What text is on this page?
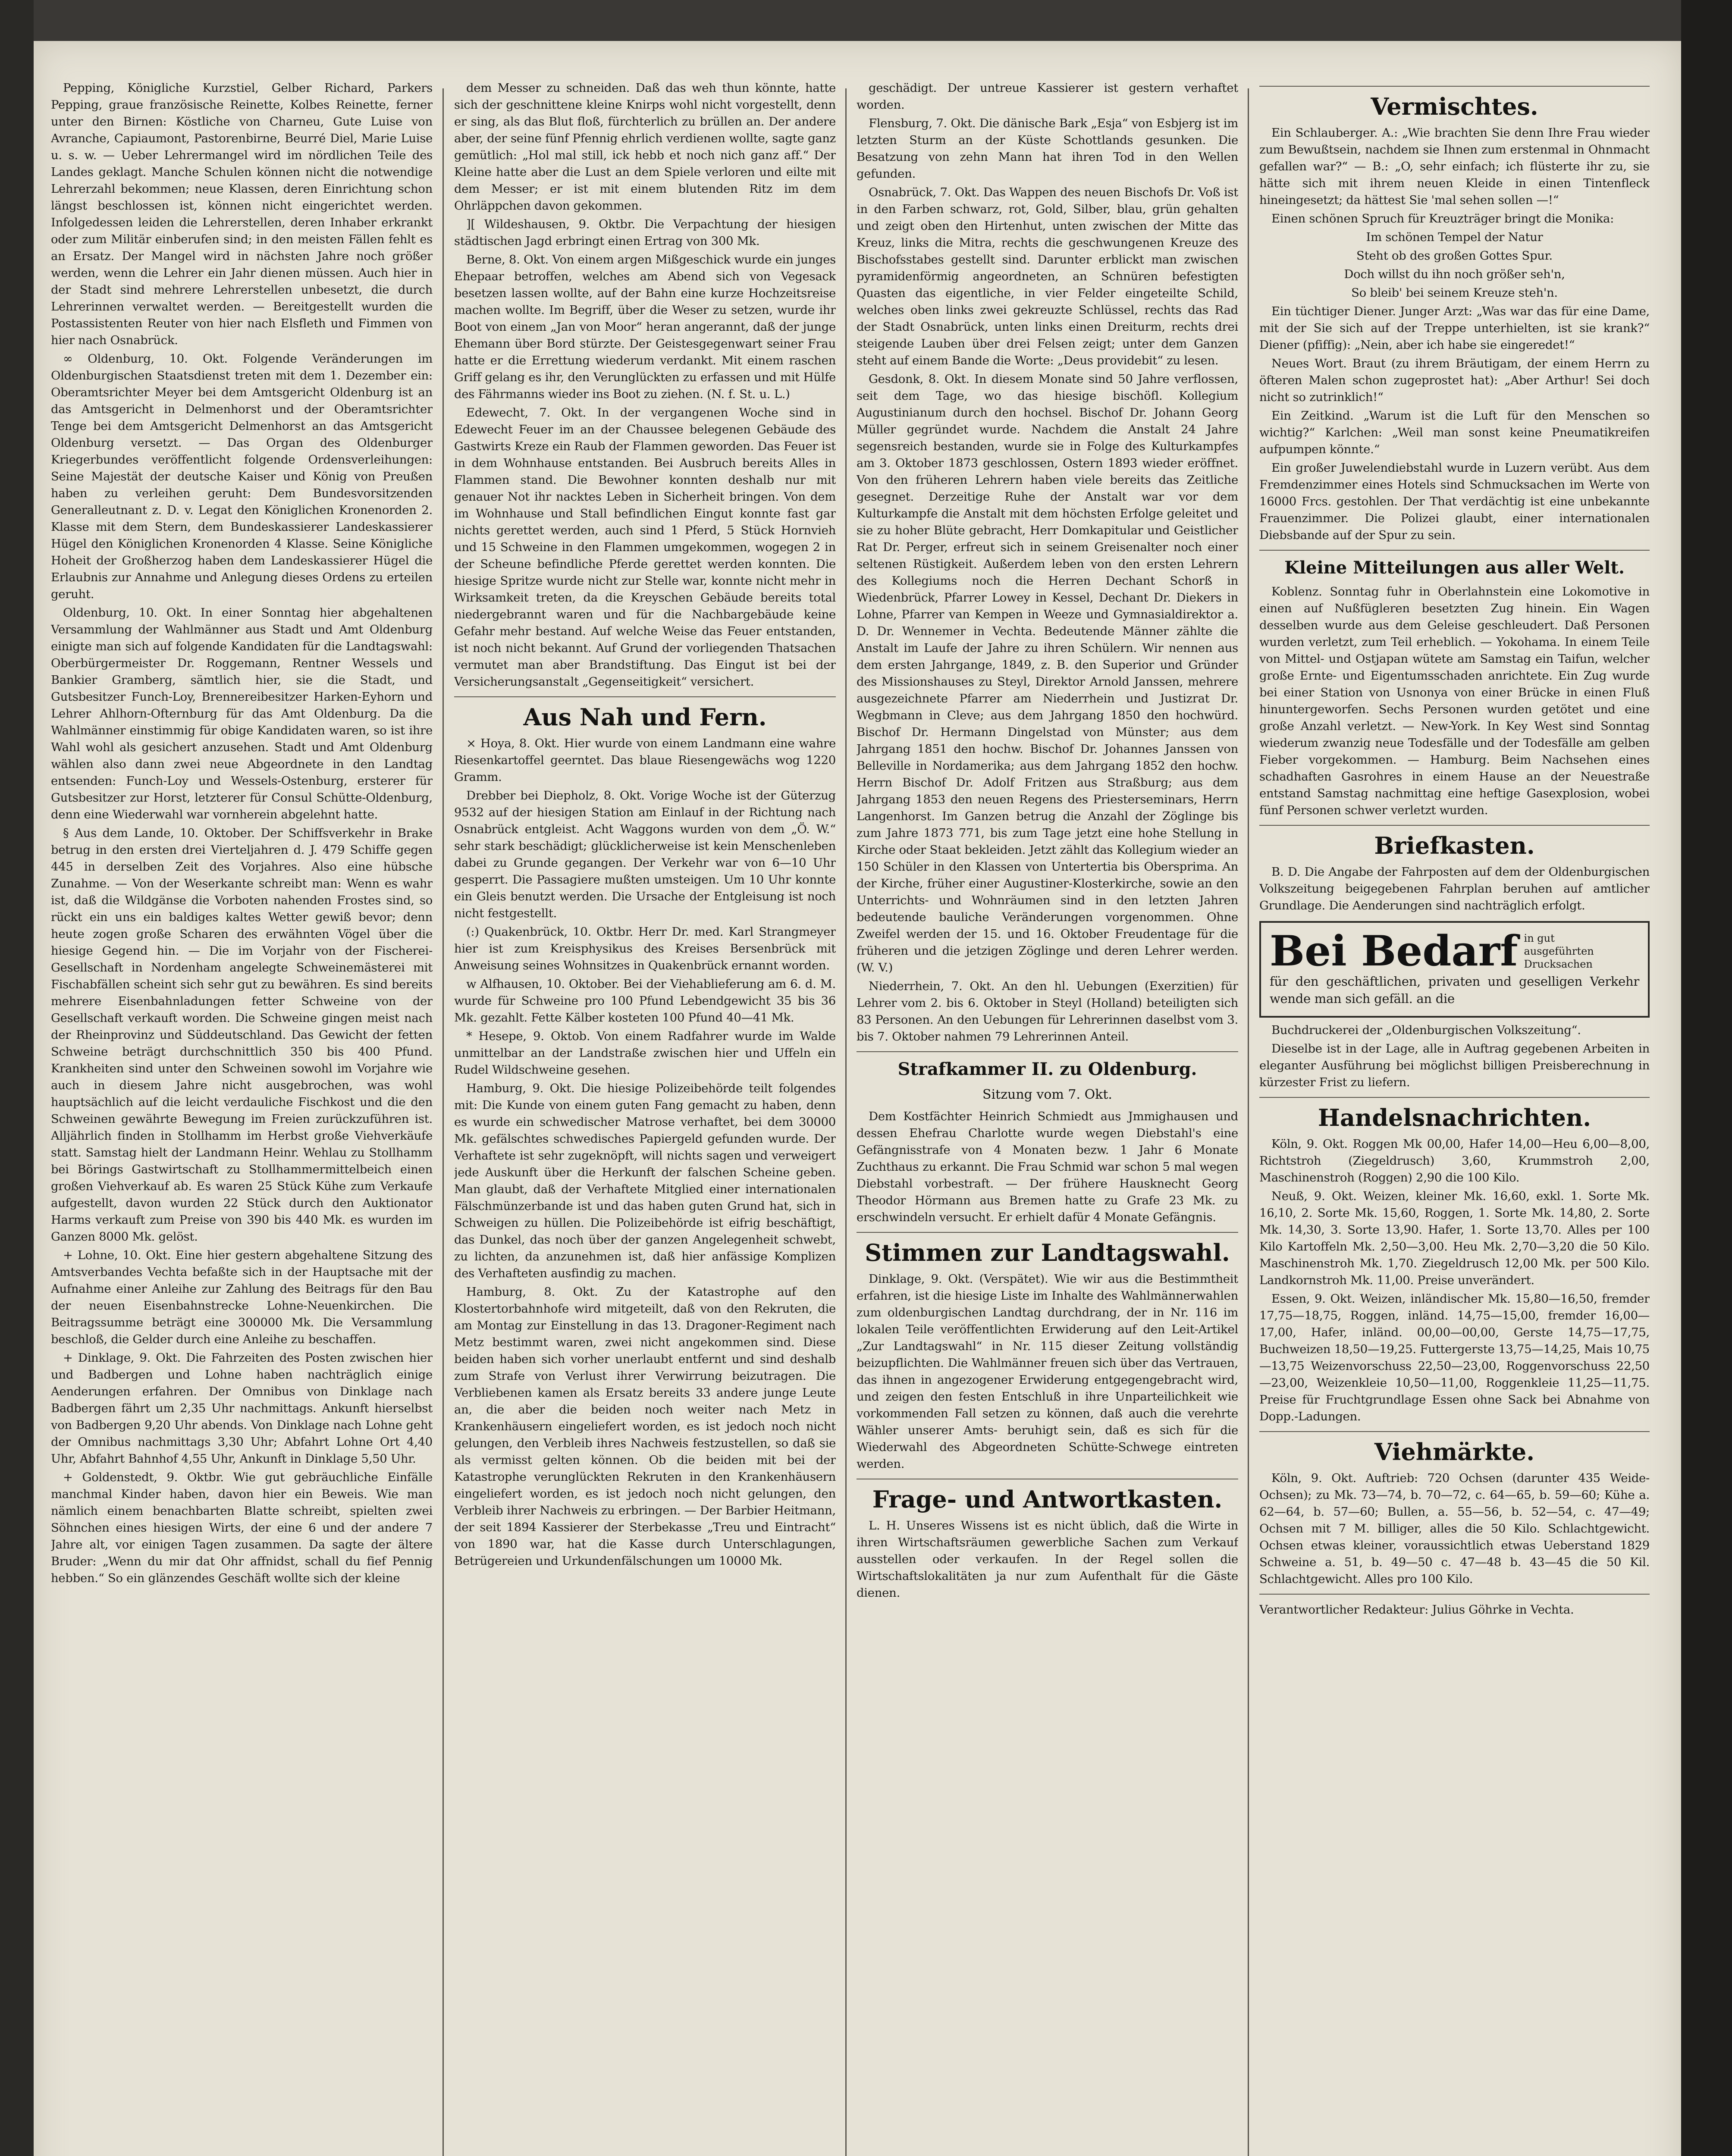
Pepping, Königliche Kurzstiel, Gelber Richard, Parkers Pepping, graue französische Reinette, Kolbes Reinette, ferner unter den Birnen: Köstliche von Charneu, Gute Luise von Avranche, Capiaumont, Pastorenbirne, Beurré Diel, Marie Luise u. s. w. — Ueber Lehrermangel wird im nördlichen Teile des Landes geklagt. Manche Schulen können nicht die notwendige Lehrerzahl bekommen; neue Klassen, deren Einrichtung schon längst beschlossen ist, können nicht eingerichtet werden. Infolgedessen leiden die Lehrerstellen, deren Inhaber erkrankt oder zum Militär einberufen sind; in den meisten Fällen fehlt es an Ersatz. Der Mangel wird in nächsten Jahre noch größer werden, wenn die Lehrer ein Jahr dienen müssen. Auch hier in der Stadt sind mehrere Lehrerstellen unbesetzt, die durch Lehrerinnen verwaltet werden. — Bereitgestellt wurden die Postassistenten Reuter von hier nach Elsfleth und Fimmen von hier nach Osnabrück.

∞ Oldenburg, 10. Okt. Folgende Veränderungen im Oldenburgischen Staatsdienst treten mit dem 1. Dezember ein: Oberamtsrichter Meyer bei dem Amtsgericht Oldenburg ist an das Amtsgericht in Delmenhorst und der Oberamtsrichter Tenge bei dem Amtsgericht Delmenhorst an das Amtsgericht Oldenburg versetzt. — Das Organ des Oldenburger Kriegerbundes veröffentlicht folgende Ordensverleihungen: Seine Majestät der deutsche Kaiser und König von Preußen haben zu verleihen geruht: Dem Bundesvorsitzenden Generalleutnant z. D. v. Legat den Königlichen Kronenorden 2. Klasse mit dem Stern, dem Bundeskassierer Landeskassierer Hügel den Königlichen Kronenorden 4 Klasse. Seine Königliche Hoheit der Großherzog haben dem Landeskassierer Hügel die Erlaubnis zur Annahme und Anlegung dieses Ordens zu erteilen geruht.

Oldenburg, 10. Okt. In einer Sonntag hier abgehaltenen Versammlung der Wahlmänner aus Stadt und Amt Oldenburg einigte man sich auf folgende Kandidaten für die Landtagswahl: Oberbürgermeister Dr. Roggemann, Rentner Wessels und Bankier Gramberg, sämtlich hier, sie die Stadt, und Gutsbesitzer Funch-Loy, Brennereibesitzer Harken-Eyhorn und Lehrer Ahlhorn-Ofternburg für das Amt Oldenburg. Da die Wahlmänner einstimmig für obige Kandidaten waren, so ist ihre Wahl wohl als gesichert anzusehen. Stadt und Amt Oldenburg wählen also dann zwei neue Abgeordnete in den Landtag entsenden: Funch-Loy und Wessels-Ostenburg, ersterer für Gutsbesitzer zur Horst, letzterer für Consul Schütte-Oldenburg, denn eine Wiederwahl war vornherein abgelehnt hatte.

§ Aus dem Lande, 10. Oktober. Der Schiffsverkehr in Brake betrug in den ersten drei Vierteljahren d. J. 479 Schiffe gegen 445 in derselben Zeit des Vorjahres. Also eine hübsche Zunahme. — Von der Weserkante schreibt man: Wenn es wahr ist, daß die Wildgänse die Vorboten nahenden Frostes sind, so rückt ein uns ein baldiges kaltes Wetter gewiß bevor; denn heute zogen große Scharen des erwähnten Vögel über die hiesige Gegend hin. — Die im Vorjahr von der Fischerei-Gesellschaft in Nordenham angelegte Schweinemästerei mit Fischabfällen scheint sich sehr gut zu bewähren. Es sind bereits mehrere Eisenbahnladungen fetter Schweine von der Gesellschaft verkauft worden. Die Schweine gingen meist nach der Rheinprovinz und Süddeutschland. Das Gewicht der fetten Schweine beträgt durchschnittlich 350 bis 400 Pfund. Krankheiten sind unter den Schweinen sowohl im Vorjahre wie auch in diesem Jahre nicht ausgebrochen, was wohl hauptsächlich auf die leicht verdauliche Fischkost und die den Schweinen gewährte Bewegung im Freien zurückzuführen ist. Alljährlich finden in Stollhamm im Herbst große Viehverkäufe statt. Samstag hielt der Landmann Heinr. Wehlau zu Stollhamm bei Börings Gastwirtschaft zu Stollhammermittelbeich einen großen Viehverkauf ab. Es waren 25 Stück Kühe zum Verkaufe aufgestellt, davon wurden 22 Stück durch den Auktionator Harms verkauft zum Preise von 390 bis 440 Mk. es wurden im Ganzen 8000 Mk. gelöst.

+ Lohne, 10. Okt. Eine hier gestern abgehaltene Sitzung des Amtsverbandes Vechta befaßte sich in der Hauptsache mit der Aufnahme einer Anleihe zur Zahlung des Beitrags für den Bau der neuen Eisenbahnstrecke Lohne-Neuenkirchen. Die Beitragssumme beträgt eine 300000 Mk. Die Versammlung beschloß, die Gelder durch eine Anleihe zu beschaffen.

+ Dinklage, 9. Okt. Die Fahrzeiten des Posten zwischen hier und Badbergen und Lohne haben nachträglich einige Aenderungen erfahren. Der Omnibus von Dinklage nach Badbergen fährt um 2,35 Uhr nachmittags. Ankunft hierselbst von Badbergen 9,20 Uhr abends. Von Dinklage nach Lohne geht der Omnibus nachmittags 3,30 Uhr; Abfahrt Lohne Ort 4,40 Uhr, Abfahrt Bahnhof 4,55 Uhr, Ankunft in Dinklage 5,50 Uhr.

+ Goldenstedt, 9. Oktbr. Wie gut gebräuchliche Einfälle manchmal Kinder haben, davon hier ein Beweis. Wie man nämlich einem benachbarten Blatte schreibt, spielten zwei Söhnchen eines hiesigen Wirts, der eine 6 und der andere 7 Jahre alt, vor einigen Tagen zusammen. Da sagte der ältere Bruder: „Wenn du mir dat Ohr affnidst, schall du fief Pennig hebben.“ So ein glänzendes Geschäft wollte sich der kleine

dem Messer zu schneiden. Daß das weh thun könnte, hatte sich der geschnittene kleine Knirps wohl nicht vorgestellt, denn er sing, als das Blut floß, fürchterlich zu brüllen an. Der andere aber, der seine fünf Pfennig ehrlich verdienen wollte, sagte ganz gemütlich: „Hol mal still, ick hebb et noch nich ganz aff.“ Der Kleine hatte aber die Lust an dem Spiele verloren und eilte mit dem Messer; er ist mit einem blutenden Ritz im dem Ohrläppchen davon gekommen.

][ Wildeshausen, 9. Oktbr. Die Verpachtung der hiesigen städtischen Jagd erbringt einen Ertrag von 300 Mk.

Berne, 8. Okt. Von einem argen Mißgeschick wurde ein junges Ehepaar betroffen, welches am Abend sich von Vegesack besetzen lassen wollte, auf der Bahn eine kurze Hochzeitsreise machen wollte. Im Begriff, über die Weser zu setzen, wurde ihr Boot von einem „Jan von Moor“ heran angerannt, daß der junge Ehemann über Bord stürzte. Der Geistesgegenwart seiner Frau hatte er die Errettung wiederum verdankt. Mit einem raschen Griff gelang es ihr, den Verunglückten zu erfassen und mit Hülfe des Fährmanns wieder ins Boot zu ziehen. (N. f. St. u. L.)

Edewecht, 7. Okt. In der vergangenen Woche sind in Edewecht Feuer im an der Chaussee belegenen Gebäude des Gastwirts Kreze ein Raub der Flammen geworden. Das Feuer ist in dem Wohnhause entstanden. Bei Ausbruch bereits Alles in Flammen stand. Die Bewohner konnten deshalb nur mit genauer Not ihr nacktes Leben in Sicherheit bringen. Von dem im Wohnhause und Stall befindlichen Eingut konnte fast gar nichts gerettet werden, auch sind 1 Pferd, 5 Stück Hornvieh und 15 Schweine in den Flammen umgekommen, wogegen 2 in der Scheune befindliche Pferde gerettet werden konnten. Die hiesige Spritze wurde nicht zur Stelle war, konnte nicht mehr in Wirksamkeit treten, da die Kreyschen Gebäude bereits total niedergebrannt waren und für die Nachbargebäude keine Gefahr mehr bestand. Auf welche Weise das Feuer entstanden, ist noch nicht bekannt. Auf Grund der vorliegenden Thatsachen vermutet man aber Brandstiftung. Das Eingut ist bei der Versicherungsanstalt „Gegenseitigkeit“ versichert.

Aus Nah und Fern.

× Hoya, 8. Okt. Hier wurde von einem Landmann eine wahre Riesenkartoffel geerntet. Das blaue Riesengewächs wog 1220 Gramm.

Drebber bei Diepholz, 8. Okt. Vorige Woche ist der Güterzug 9532 auf der hiesigen Station am Einlauf in der Richtung nach Osnabrück entgleist. Acht Waggons wurden von dem „Ö. W.“ sehr stark beschädigt; glücklicherweise ist kein Menschenleben dabei zu Grunde gegangen. Der Verkehr war von 6—10 Uhr gesperrt. Die Passagiere mußten umsteigen. Um 10 Uhr konnte ein Gleis benutzt werden. Die Ursache der Entgleisung ist noch nicht festgestellt.

(:) Quakenbrück, 10. Oktbr. Herr Dr. med. Karl Strangmeyer hier ist zum Kreisphysikus des Kreises Bersenbrück mit Anweisung seines Wohnsitzes in Quakenbrück ernannt worden.

w Alfhausen, 10. Oktober. Bei der Viehablieferung am 6. d. M. wurde für Schweine pro 100 Pfund Lebendgewicht 35 bis 36 Mk. gezahlt. Fette Kälber kosteten 100 Pfund 40—41 Mk.

* Hesepe, 9. Oktob. Von einem Radfahrer wurde im Walde unmittelbar an der Landstraße zwischen hier und Uffeln ein Rudel Wildschweine gesehen.

Hamburg, 9. Okt. Die hiesige Polizeibehörde teilt folgendes mit: Die Kunde von einem guten Fang gemacht zu haben, denn es wurde ein schwedischer Matrose verhaftet, bei dem 30000 Mk. gefälschtes schwedisches Papiergeld gefunden wurde. Der Verhaftete ist sehr zugeknöpft, will nichts sagen und verweigert jede Auskunft über die Herkunft der falschen Scheine geben. Man glaubt, daß der Verhaftete Mitglied einer internationalen Fälschmünzerbande ist und das haben guten Grund hat, sich in Schweigen zu hüllen. Die Polizeibehörde ist eifrig beschäftigt, das Dunkel, das noch über der ganzen Angelegenheit schwebt, zu lichten, da anzunehmen ist, daß hier anfässige Komplizen des Verhafteten ausfindig zu machen.

Hamburg, 8. Okt. Zu der Katastrophe auf den Klostertorbahnhofe wird mitgeteilt, daß von den Rekruten, die am Montag zur Einstellung in das 13. Dragoner-Regiment nach Metz bestimmt waren, zwei nicht angekommen sind. Diese beiden haben sich vorher unerlaubt entfernt und sind deshalb zum Strafe von Verlust ihrer Verwirrung beizutragen. Die Verbliebenen kamen als Ersatz bereits 33 andere junge Leute an, die aber die beiden noch weiter nach Metz in Krankenhäusern eingeliefert worden, es ist jedoch noch nicht gelungen, den Verbleib ihres Nachweis festzustellen, so daß sie als vermisst gelten können. Ob die beiden mit bei der Katastrophe verunglückten Rekruten in den Krankenhäusern eingeliefert worden, es ist jedoch noch nicht gelungen, den Verbleib ihrer Nachweis zu erbringen. — Der Barbier Heitmann, der seit 1894 Kassierer der Sterbekasse „Treu und Eintracht“ von 1890 war, hat die Kasse durch Unterschlagungen, Betrügereien und Urkundenfälschungen um 10000 Mk.

geschädigt. Der untreue Kassierer ist gestern verhaftet worden.

Flensburg, 7. Okt. Die dänische Bark „Esja“ von Esbjerg ist im letzten Sturm an der Küste Schottlands gesunken. Die Besatzung von zehn Mann hat ihren Tod in den Wellen gefunden.

Osnabrück, 7. Okt. Das Wappen des neuen Bischofs Dr. Voß ist in den Farben schwarz, rot, Gold, Silber, blau, grün gehalten und zeigt oben den Hirtenhut, unten zwischen der Mitte das Kreuz, links die Mitra, rechts die geschwungenen Kreuze des Bischofsstabes gestellt sind. Darunter erblickt man zwischen pyramidenförmig angeordneten, an Schnüren befestigten Quasten das eigentliche, in vier Felder eingeteilte Schild, welches oben links zwei gekreuzte Schlüssel, rechts das Rad der Stadt Osnabrück, unten links einen Dreiturm, rechts drei steigende Lauben über drei Felsen zeigt; unter dem Ganzen steht auf einem Bande die Worte: „Deus providebit“ zu lesen.

Gesdonk, 8. Okt. In diesem Monate sind 50 Jahre verflossen, seit dem Tage, wo das hiesige bischöfl. Kollegium Augustinianum durch den hochsel. Bischof Dr. Johann Georg Müller gegründet wurde. Nachdem die Anstalt 24 Jahre segensreich bestanden, wurde sie in Folge des Kulturkampfes am 3. Oktober 1873 geschlossen, Ostern 1893 wieder eröffnet. Von den früheren Lehrern haben viele bereits das Zeitliche gesegnet. Derzeitige Ruhe der Anstalt war vor dem Kulturkampfe die Anstalt mit dem höchsten Erfolge geleitet und sie zu hoher Blüte gebracht, Herr Domkapitular und Geistlicher Rat Dr. Perger, erfreut sich in seinem Greisenalter noch einer seltenen Rüstigkeit. Außerdem leben von den ersten Lehrern des Kollegiums noch die Herren Dechant Schorß in Wiedenbrück, Pfarrer Lowey in Kessel, Dechant Dr. Diekers in Lohne, Pfarrer van Kempen in Weeze und Gymnasialdirektor a. D. Dr. Wennemer in Vechta. Bedeutende Männer zählte die Anstalt im Laufe der Jahre zu ihren Schülern. Wir nennen aus dem ersten Jahrgange, 1849, z. B. den Superior und Gründer des Missionshauses zu Steyl, Direktor Arnold Janssen, mehrere ausgezeichnete Pfarrer am Niederrhein und Justizrat Dr. Wegbmann in Cleve; aus dem Jahrgang 1850 den hochwürd. Bischof Dr. Hermann Dingelstad von Münster; aus dem Jahrgang 1851 den hochw. Bischof Dr. Johannes Janssen von Belleville in Nordamerika; aus dem Jahrgang 1852 den hochw. Herrn Bischof Dr. Adolf Fritzen aus Straßburg; aus dem Jahrgang 1853 den neuen Regens des Priesterseminars, Herrn Langenhorst. Im Ganzen betrug die Anzahl der Zöglinge bis zum Jahre 1873 771, bis zum Tage jetzt eine hohe Stellung in Kirche oder Staat bekleiden. Jetzt zählt das Kollegium wieder an 150 Schüler in den Klassen von Untertertia bis Obersprima. An der Kirche, früher einer Augustiner-Klosterkirche, sowie an den Unterrichts- und Wohnräumen sind in den letzten Jahren bedeutende bauliche Veränderungen vorgenommen. Ohne Zweifel werden der 15. und 16. Oktober Freudentage für die früheren und die jetzigen Zöglinge und deren Lehrer werden. (W. V.)

Niederrhein, 7. Okt. An den hl. Uebungen (Exerzitien) für Lehrer vom 2. bis 6. Oktober in Steyl (Holland) beteiligten sich 83 Personen. An den Uebungen für Lehrerinnen daselbst vom 3. bis 7. Oktober nahmen 79 Lehrerinnen Anteil.

Strafkammer II. zu Oldenburg.
Sitzung vom 7. Okt.

Dem Kostfächter Heinrich Schmiedt aus Jmmighausen und dessen Ehefrau Charlotte wurde wegen Diebstahl's eine Gefängnisstrafe von 4 Monaten bezw. 1 Jahr 6 Monate Zuchthaus zu erkannt. Die Frau Schmid war schon 5 mal wegen Diebstahl vorbestraft. — Der frühere Hausknecht Georg Theodor Hörmann aus Bremen hatte zu Grafe 23 Mk. zu erschwindeln versucht. Er erhielt dafür 4 Monate Gefängnis.

Stimmen zur Landtagswahl.

Dinklage, 9. Okt. (Verspätet). Wie wir aus die Bestimmtheit erfahren, ist die hiesige Liste im Inhalte des Wahlmännerwahlen zum oldenburgischen Landtag durchdrang, der in Nr. 116 im lokalen Teile veröffentlichten Erwiderung auf den Leit-Artikel „Zur Landtagswahl“ in Nr. 115 dieser Zeitung vollständig beizupflichten. Die Wahlmänner freuen sich über das Vertrauen, das ihnen in angezogener Erwiderung entgegengebracht wird, und zeigen den festen Entschluß in ihre Unparteilichkeit wie vorkommenden Fall setzen zu können, daß auch die verehrte Wähler unserer Amts- beruhigt sein, daß es sich für die Wiederwahl des Abgeordneten Schütte-Schwege eintreten werden.

Frage- und Antwortkasten.

L. H. Unseres Wissens ist es nicht üblich, daß die Wirte in ihren Wirtschaftsräumen gewerbliche Sachen zum Verkauf ausstellen oder verkaufen. In der Regel sollen die Wirtschaftslokalitäten ja nur zum Aufenthalt für die Gäste dienen.

Vermischtes.

Ein Schlauberger. A.: „Wie brachten Sie denn Ihre Frau wieder zum Bewußtsein, nachdem sie Ihnen zum erstenmal in Ohnmacht gefallen war?“ — B.: „O, sehr einfach; ich flüsterte ihr zu, sie hätte sich mit ihrem neuen Kleide in einen Tintenfleck hineingesetzt; da hättest Sie 'mal sehen sollen —!“

Einen schönen Spruch für Kreuzträger bringt die Monika:

Im schönen Tempel der Natur

Steht ob des großen Gottes Spur.

Doch willst du ihn noch größer seh'n,

So bleib' bei seinem Kreuze steh'n.

Ein tüchtiger Diener. Junger Arzt: „Was war das für eine Dame, mit der Sie sich auf der Treppe unterhielten, ist sie krank?“ Diener (pfiffig): „Nein, aber ich habe sie eingeredet!“

Neues Wort. Braut (zu ihrem Bräutigam, der einem Herrn zu öfteren Malen schon zugeprostet hat): „Aber Arthur! Sei doch nicht so zutrinklich!“

Ein Zeitkind. „Warum ist die Luft für den Menschen so wichtig?“ Karlchen: „Weil man sonst keine Pneumatikreifen aufpumpen könnte.“

Ein großer Juwelendiebstahl wurde in Luzern verübt. Aus dem Fremdenzimmer eines Hotels sind Schmucksachen im Werte von 16000 Frcs. gestohlen. Der That verdächtig ist eine unbekannte Frauenzimmer. Die Polizei glaubt, einer internationalen Diebsbande auf der Spur zu sein.

Kleine Mitteilungen aus aller Welt.

Koblenz. Sonntag fuhr in Oberlahnstein eine Lokomotive in einen auf Nußfügleren besetzten Zug hinein. Ein Wagen desselben wurde aus dem Geleise geschleudert. Daß Personen wurden verletzt, zum Teil erheblich. — Yokohama. In einem Teile von Mittel- und Ostjapan wütete am Samstag ein Taifun, welcher große Ernte- und Eigentumsschaden anrichtete. Ein Zug wurde bei einer Station von Usnonya von einer Brücke in einen Fluß hinuntergeworfen. Sechs Personen wurden getötet und eine große Anzahl verletzt. — New-York. In Key West sind Sonntag wiederum zwanzig neue Todesfälle und der Todesfälle am gelben Fieber vorgekommen. — Hamburg. Beim Nachsehen eines schadhaften Gasrohres in einem Hause an der Neuestraße entstand Samstag nachmittag eine heftige Gasexplosion, wobei fünf Personen schwer verletzt wurden.

Briefkasten.

B. D. Die Angabe der Fahrposten auf dem der Oldenburgischen Volkszeitung beigegebenen Fahrplan beruhen auf amtlicher Grundlage. Die Aenderungen sind nachträglich erfolgt.

Bei Bedarf in gut ausgeführten Drucksachen

für den geschäftlichen, privaten und geselligen Verkehr wende man sich gefäll. an die

Buchdruckerei der „Oldenburgischen Volkszeitung“.

Dieselbe ist in der Lage, alle in Auftrag gegebenen Arbeiten in eleganter Ausführung bei möglichst billigen Preisberechnung in kürzester Frist zu liefern.

Handelsnachrichten.

Köln, 9. Okt. Roggen Mk 00,00, Hafer 14,00—Heu 6,00—8,00, Richtstroh (Ziegeldrusch) 3,60, Krummstroh 2,00, Maschinenstroh (Roggen) 2,90 die 100 Kilo.

Neuß, 9. Okt. Weizen, kleiner Mk. 16,60, exkl. 1. Sorte Mk. 16,10, 2. Sorte Mk. 15,60, Roggen, 1. Sorte Mk. 14,80, 2. Sorte Mk. 14,30, 3. Sorte 13,90. Hafer, 1. Sorte 13,70. Alles per 100 Kilo Kartoffeln Mk. 2,50—3,00. Heu Mk. 2,70—3,20 die 50 Kilo. Maschinenstroh Mk. 1,70. Ziegeldrusch 12,00 Mk. per 500 Kilo. Landkornstroh Mk. 11,00. Preise unverändert.

Essen, 9. Okt. Weizen, inländischer Mk. 15,80—16,50, fremder 17,75—18,75, Roggen, inländ. 14,75—15,00, fremder 16,00—17,00, Hafer, inländ. 00,00—00,00, Gerste 14,75—17,75, Buchweizen 18,50—19,25. Futtergerste 13,75—14,25, Mais 10,75—13,75 Weizenvorschuss 22,50—23,00, Roggenvorschuss 22,50—23,00, Weizenkleie 10,50—11,00, Roggenkleie 11,25—11,75. Preise für Fruchtgrundlage Essen ohne Sack bei Abnahme von Dopp.-Ladungen.

Viehmärkte.

Köln, 9. Okt. Auftrieb: 720 Ochsen (darunter 435 Weide-Ochsen); zu Mk. 73—74, b. 70—72, c. 64—65, b. 59—60; Kühe a. 62—64, b. 57—60; Bullen, a. 55—56, b. 52—54, c. 47—49; Ochsen mit 7 M. billiger, alles die 50 Kilo. Schlachtgewicht. Ochsen etwas kleiner, voraussichtlich etwas Ueberstand 1829 Schweine a. 51, b. 49—50 c. 47—48 b. 43—45 die 50 Kil. Schlachtgewicht. Alles pro 100 Kilo.

Verantwortlicher Redakteur: Julius Göhrke in Vechta.
